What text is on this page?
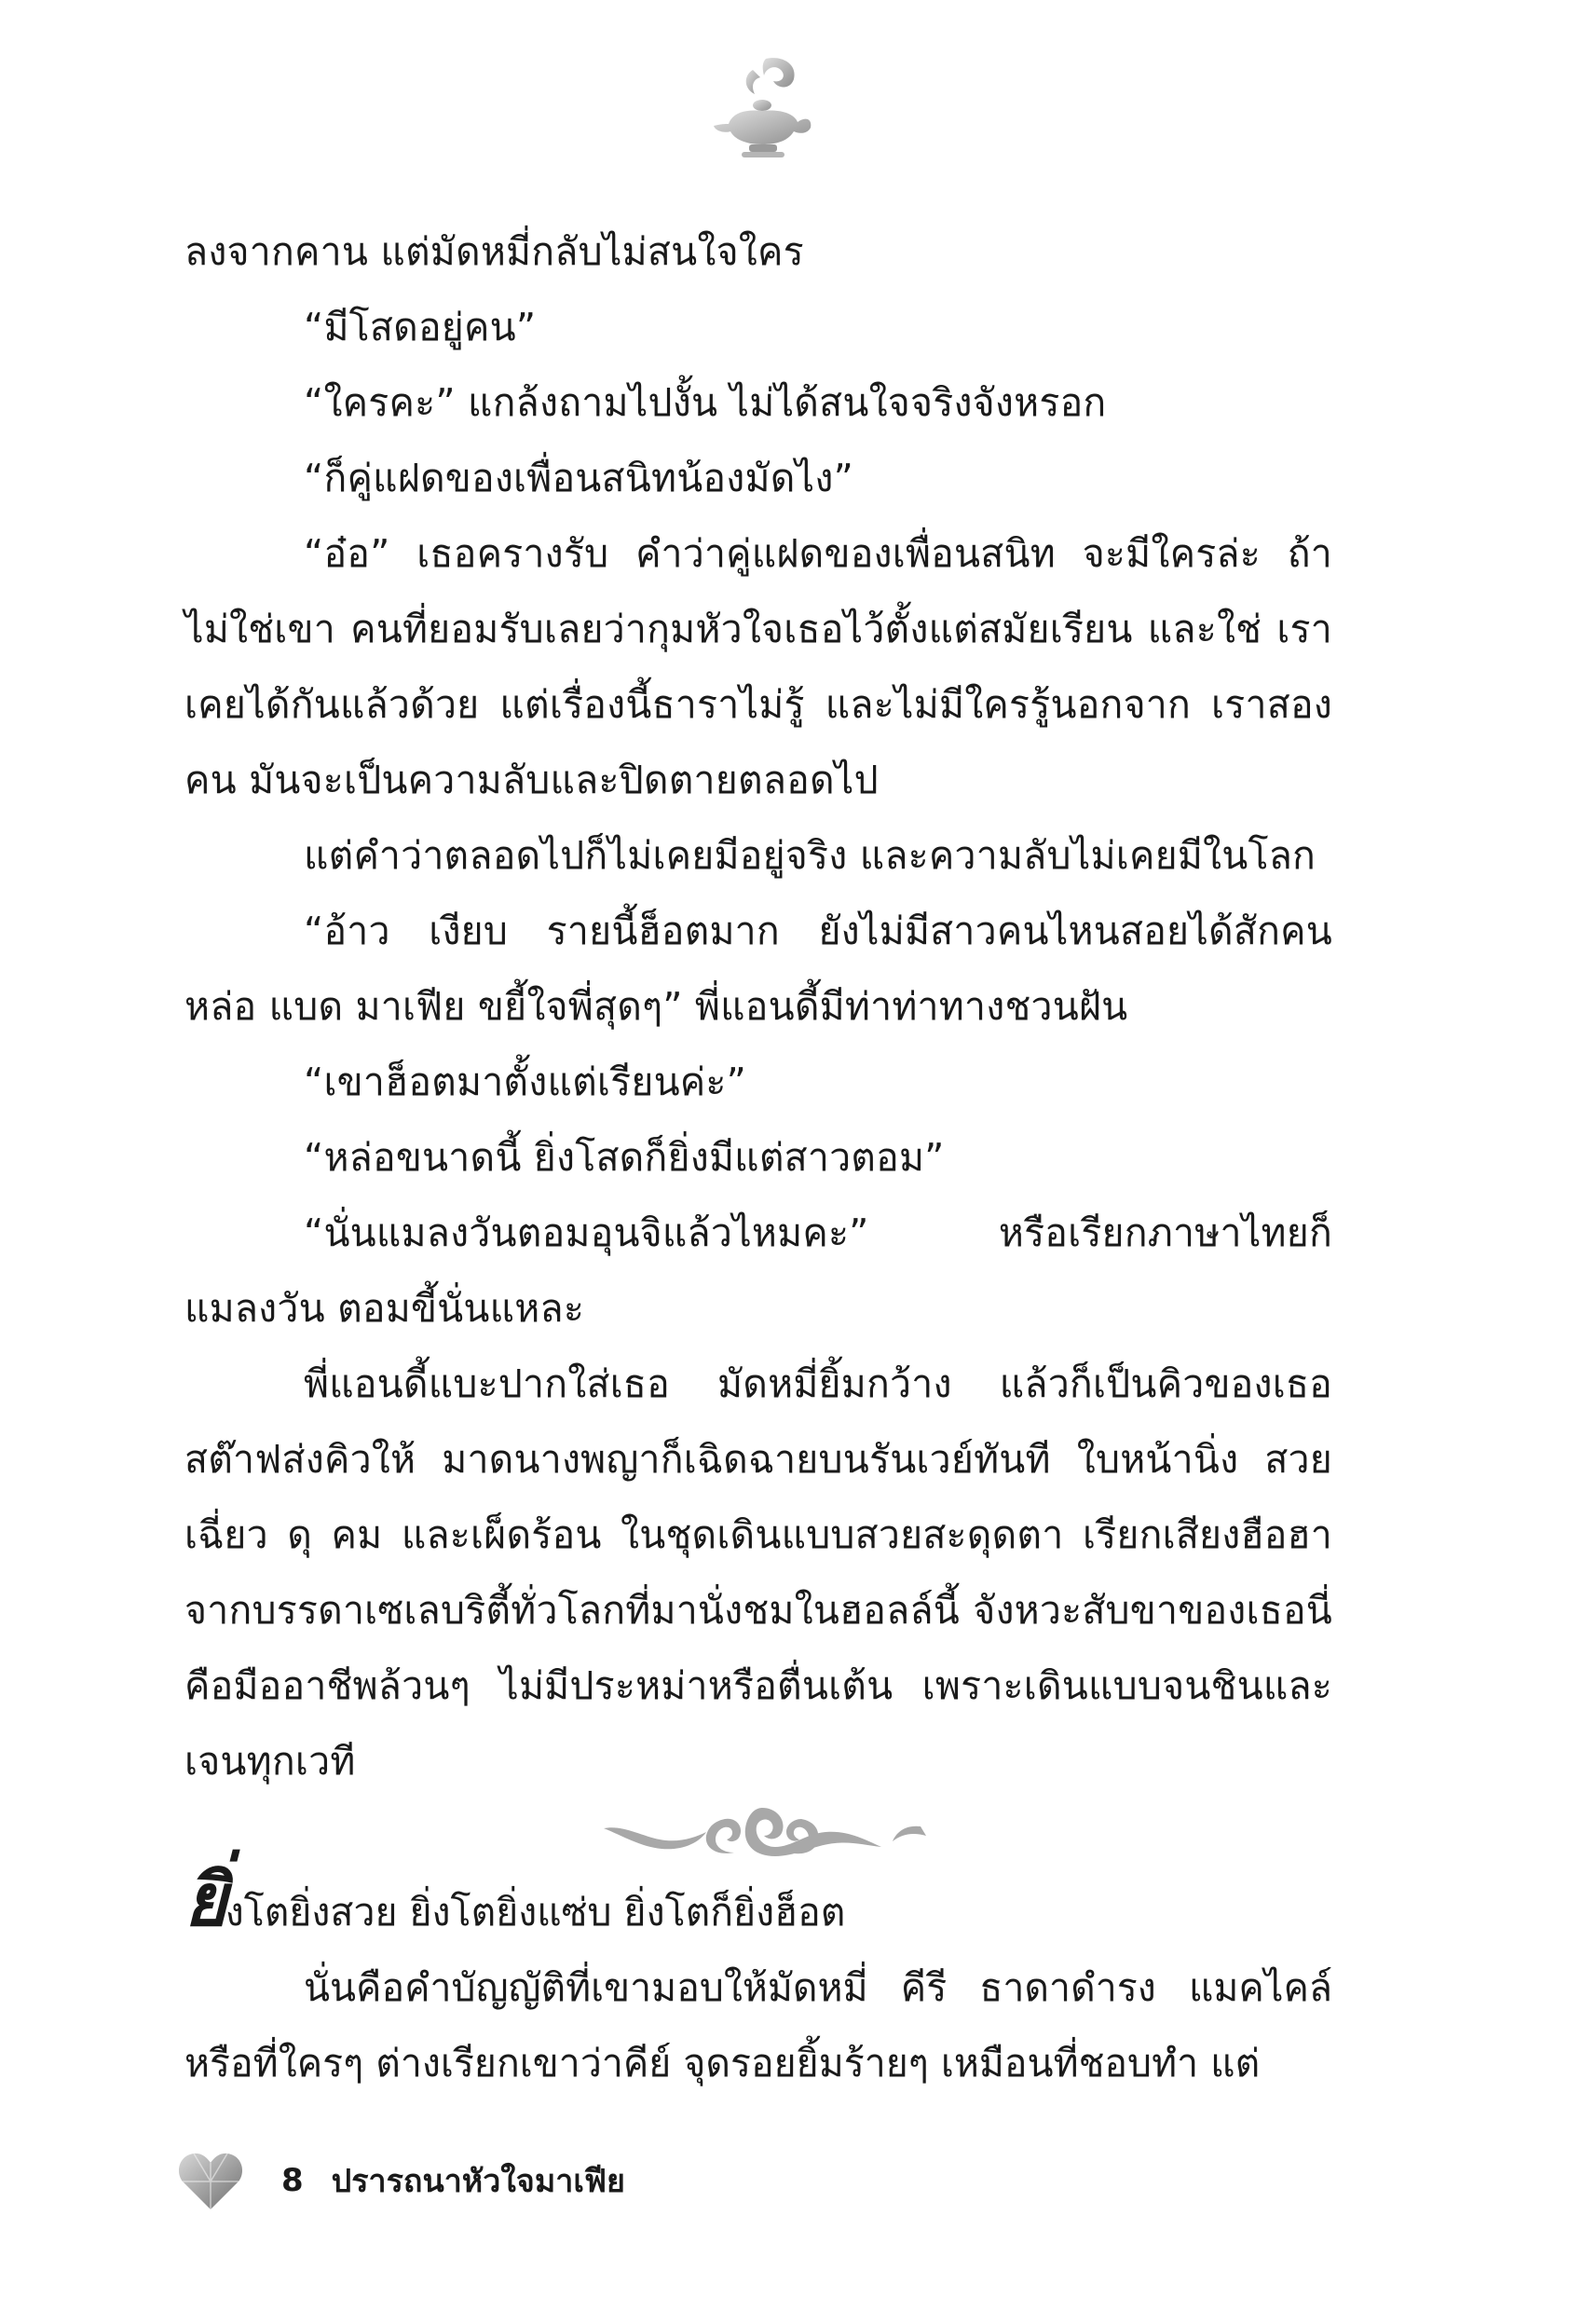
ลงจากคาน แต่มัดหมี่กลับไม่สนใจใคร

“มีโสดอยู่คน”

“ใครคะ” แกล้งถามไปงั้น ไม่ได้สนใจจริงจังหรอก

“ก็คู่แฝดของเพื่อนสนิทน้องมัดไง”

“อ๋อ” เธอครางรับ คำว่าคู่แฝดของเพื่อนสนิท จะมีใครล่ะ ถ้าไม่ใช่เขา คนที่ยอมรับเลยว่ากุมหัวใจเธอไว้ตั้งแต่สมัยเรียน และใช่ เราเคยได้กันแล้วด้วย แต่เรื่องนี้ธาราไม่รู้ และไม่มีใครรู้นอกจาก เราสองคน มันจะเป็นความลับและปิดตายตลอดไป

แต่คำว่าตลอดไปก็ไม่เคยมีอยู่จริง และความลับไม่เคยมีในโลก

“อ้าว เงียบ รายนี้ฮ็อตมาก ยังไม่มีสาวคนไหนสอยได้สักคน หล่อ แบด มาเฟีย ขยี้ใจพี่สุดๆ” พี่แอนดี้มีท่าท่าทางชวนฝัน

“เขาฮ็อตมาตั้งแต่เรียนค่ะ”

“หล่อขนาดนี้ ยิ่งโสดก็ยิ่งมีแต่สาวตอม”

“นั่นแมลงวันตอมอุนจิแล้วไหมคะ” หรือเรียกภาษาไทยก็แมลงวัน ตอมขี้นั่นแหละ

พี่แอนดี้แบะปากใส่เธอ มัดหมี่ยิ้มกว้าง แล้วก็เป็นคิวของเธอ สต๊าฟส่งคิวให้ มาดนางพญาก็เฉิดฉายบนรันเวย์ทันที ใบหน้านิ่ง สวย เฉี่ยว ดุ คม และเผ็ดร้อน ในชุดเดินแบบสวยสะดุดตา เรียกเสียงฮือฮา จากบรรดาเซเลบริตี้ทั่วโลกที่มานั่งชมในฮอลล์นี้ จังหวะสับขาของเธอนี่ คือมืออาชีพล้วนๆ ไม่มีประหม่าหรือตื่นเต้น เพราะเดินแบบจนชินและ เจนทุกเวที

ยิ่งโตยิ่งสวย ยิ่งโตยิ่งแซ่บ ยิ่งโตก็ยิ่งฮ็อต

นั่นคือคำบัญญัติที่เขามอบให้มัดหมี่ คีรี ธาดาดำรง แมคไคล์ หรือที่ใครๆ ต่างเรียกเขาว่าคีย์ จุดรอยยิ้มร้ายๆ เหมือนที่ชอบทำ แต่

8 ปรารถนาหัวใจมาเฟีย
